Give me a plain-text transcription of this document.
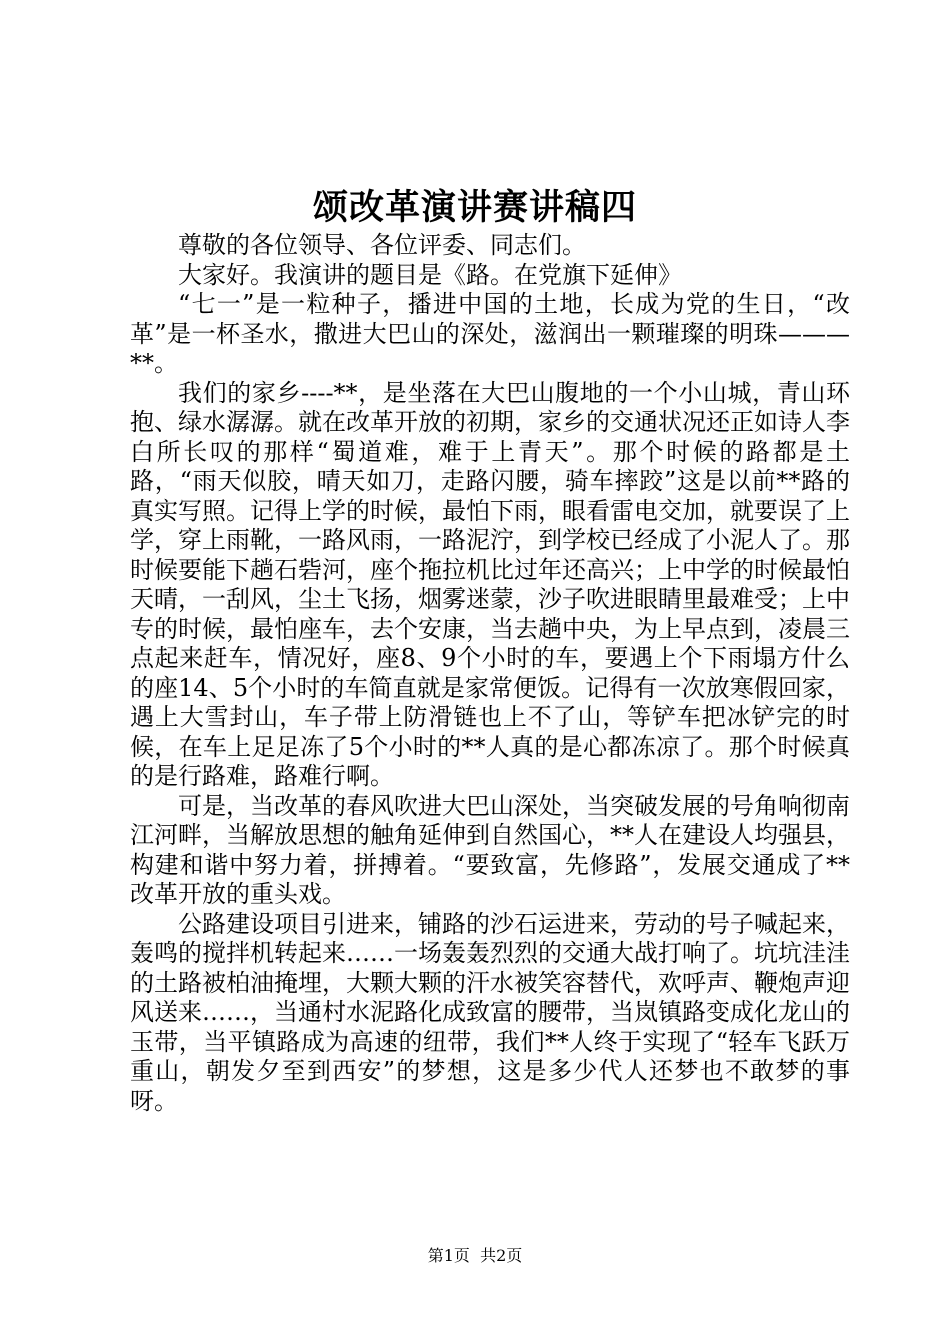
颂改革演讲赛讲稿四

尊敬的各位领导、各位评委、同志们。

大家好。我演讲的题目是《路。在党旗下延伸》

“七一”是一粒种子，播进中国的土地，长成为党的生日，“改革”是一杯圣水，撒进大巴山的深处，滋润出一颗璀璨的明珠———**。

我们的家乡----**，是坐落在大巴山腹地的一个小山城，青山环抱、绿水潺潺。就在改革开放的初期，家乡的交通状况还正如诗人李白所长叹的那样“蜀道难，难于上青天”。那个时候的路都是土路，“雨天似胶，晴天如刀，走路闪腰，骑车摔跤”这是以前**路的真实写照。记得上学的时候，最怕下雨，眼看雷电交加，就要误了上学，穿上雨靴，一路风雨，一路泥泞，到学校已经成了小泥人了。那时候要能下趟石砦河，座个拖拉机比过年还高兴；上中学的时候最怕天晴，一刮风，尘土飞扬，烟雾迷蒙，沙子吹进眼睛里最难受；上中专的时候，最怕座车，去个安康，当去趟中央，为上早点到，凌晨三点起来赶车，情况好，座8、9个小时的车，要遇上个下雨塌方什么的座14、5个小时的车简直就是家常便饭。记得有一次放寒假回家，遇上大雪封山，车子带上防滑链也上不了山，等铲车把冰铲完的时候，在车上足足冻了5个小时的**人真的是心都冻凉了。那个时候真的是行路难，路难行啊。

可是，当改革的春风吹进大巴山深处，当突破发展的号角响彻南江河畔，当解放思想的触角延伸到自然国心，**人在建设人均强县，构建和谐中努力着，拼搏着。“要致富，先修路”，发展交通成了**改革开放的重头戏。

公路建设项目引进来，铺路的沙石运进来，劳动的号子喊起来，轰鸣的搅拌机转起来……一场轰轰烈烈的交通大战打响了。坑坑洼洼的土路被柏油掩埋，大颗大颗的汗水被笑容替代，欢呼声、鞭炮声迎风送来……，当通村水泥路化成致富的腰带，当岚镇路变成化龙山的玉带，当平镇路成为高速的纽带，我们**人终于实现了“轻车飞跃万重山，朝发夕至到西安”的梦想，这是多少代人还梦也不敢梦的事呀。

第1页 共2页
